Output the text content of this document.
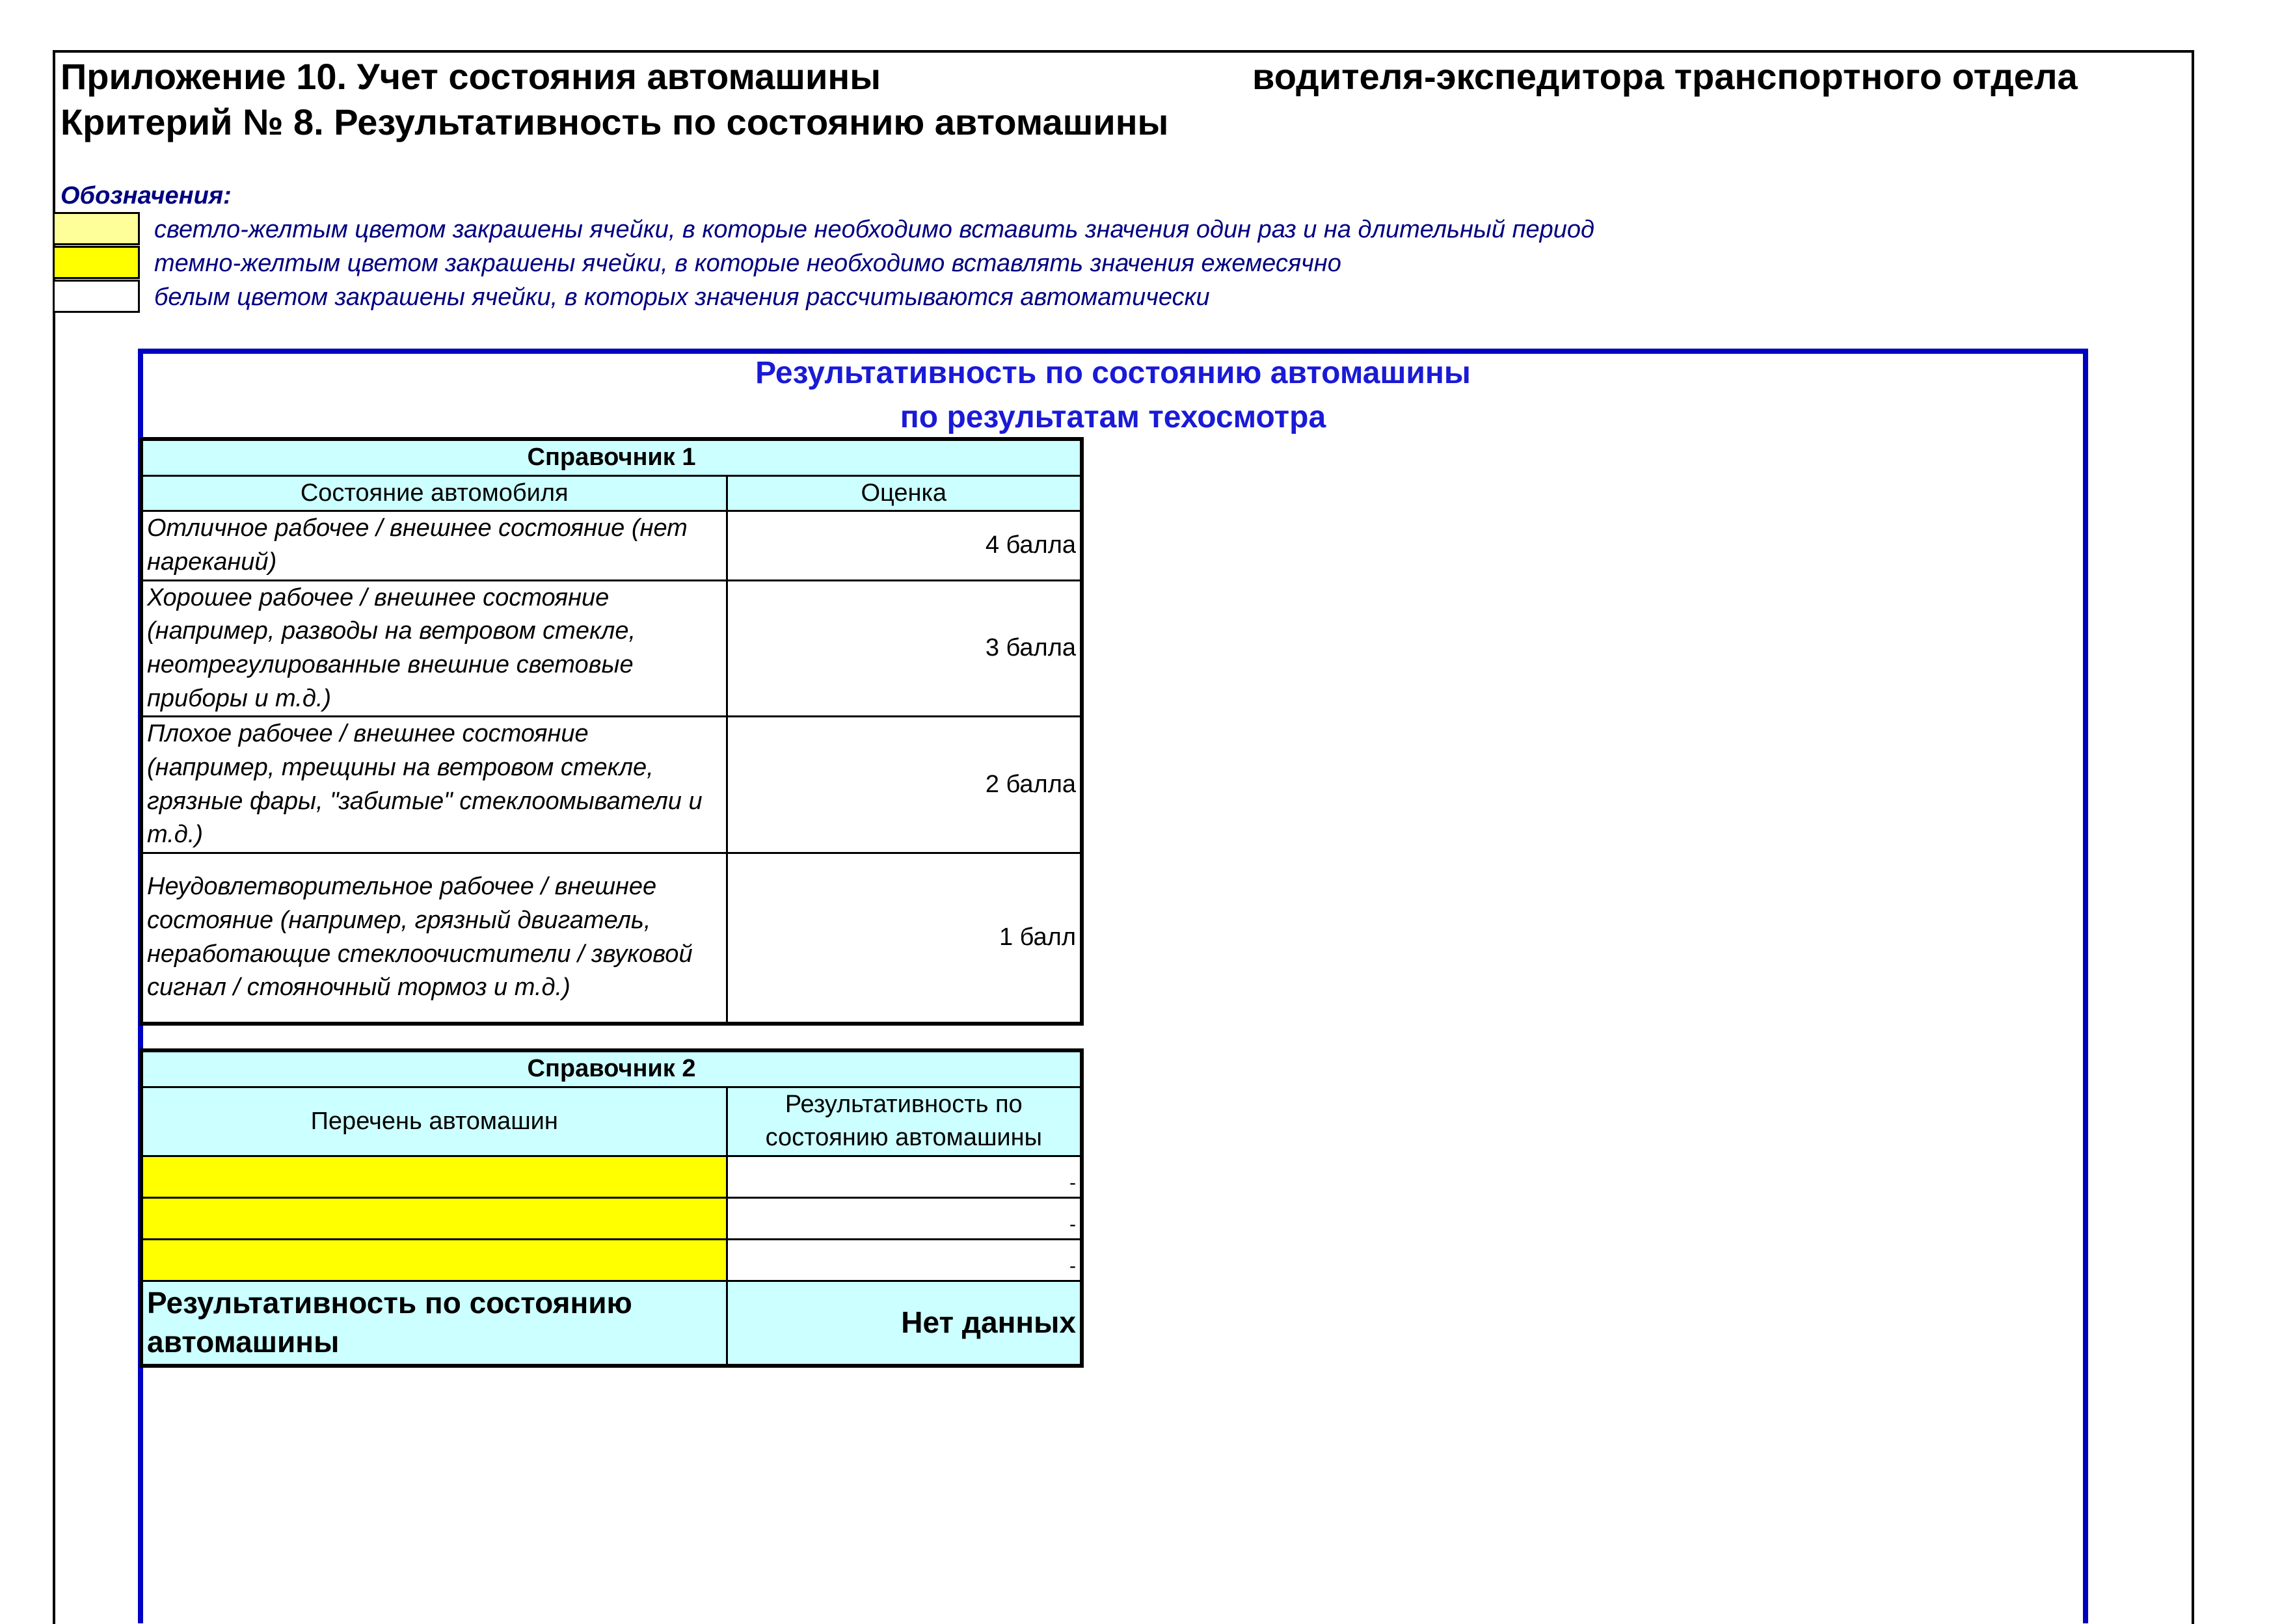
Приложение 10. Учет состояния автомашины	водителя-экспедитора транспортного отдела
Критерий № 8. Результативность по состоянию автомашины
Обозначения:
светло-желтым цветом закрашены ячейки, в которые необходимо вставить значения один раз и на длительный период
темно-желтым цветом закрашены ячейки, в которые необходимо вставлять значения ежемесячно
белым цветом закрашены ячейки, в которых значения рассчитываются автоматически
Результативность по состоянию автомашины
по результатам техосмотра
Справочник 1	
Состояние автомобиля	Оценка
Отличное рабочее / внешнее состояние (нет нареканий)	4 балла
Хорошее рабочее / внешнее состояние (например, разводы на ветровом стекле, неотрегулированные внешние световые приборы и т.д.)	3 балла
Плохое рабочее / внешнее состояние (например, трещины на ветровом стекле, грязные фары, "забитые" стеклоомыватели и т.д.)	2 балла
Неудовлетворительное рабочее / внешнее состояние (например, грязный двигатель, неработающие стеклоочистители / звуковой сигнал / стояночный тормоз и т.д.)	1 балл
Справочник 2	
Перечень автомашин	Результативность по состоянию автомашины
	-
	-
	-
Результативность по состоянию автомашины	Нет данных
